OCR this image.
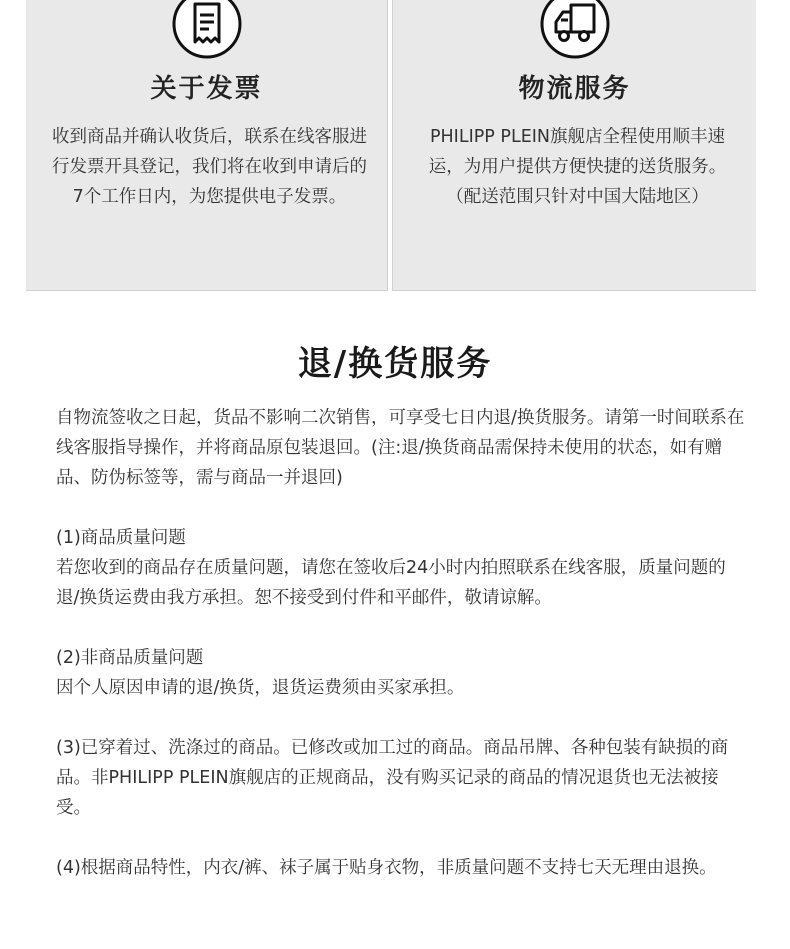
关于发票
收到商品并确认收货后，联系在线客服进行发票开具登记，我们将在收到申请后的7个工作日内，为您提供电子发票。
物流服务
PHILIPP PLEIN旗舰店全程使用顺丰速运，为用户提供方便快捷的送货服务。（配送范围只针对中国大陆地区）
退/换货服务

自物流签收之日起，货品不影响二次销售，可享受七日内退/换货服务。请第一时间联系在线客服指导操作，并将商品原包装退回。(注:退/换货商品需保持未使用的状态，如有赠品、防伪标签等，需与商品一并退回)

(1)商品质量问题
若您收到的商品存在质量问题，请您在签收后24小时内拍照联系在线客服，质量问题的退/换货运费由我方承担。恕不接受到付件和平邮件，敬请谅解。

(2)非商品质量问题
因个人原因申请的退/换货，退货运费须由买家承担。

(3)已穿着过、洗涤过的商品。已修改或加工过的商品。商品吊牌、各种包装有缺损的商品。非PHILIPP PLEIN旗舰店的正规商品，没有购买记录的商品的情况退货也无法被接受。

(4)根据商品特性，内衣/裤、袜子属于贴身衣物，非质量问题不支持七天无理由退换。
